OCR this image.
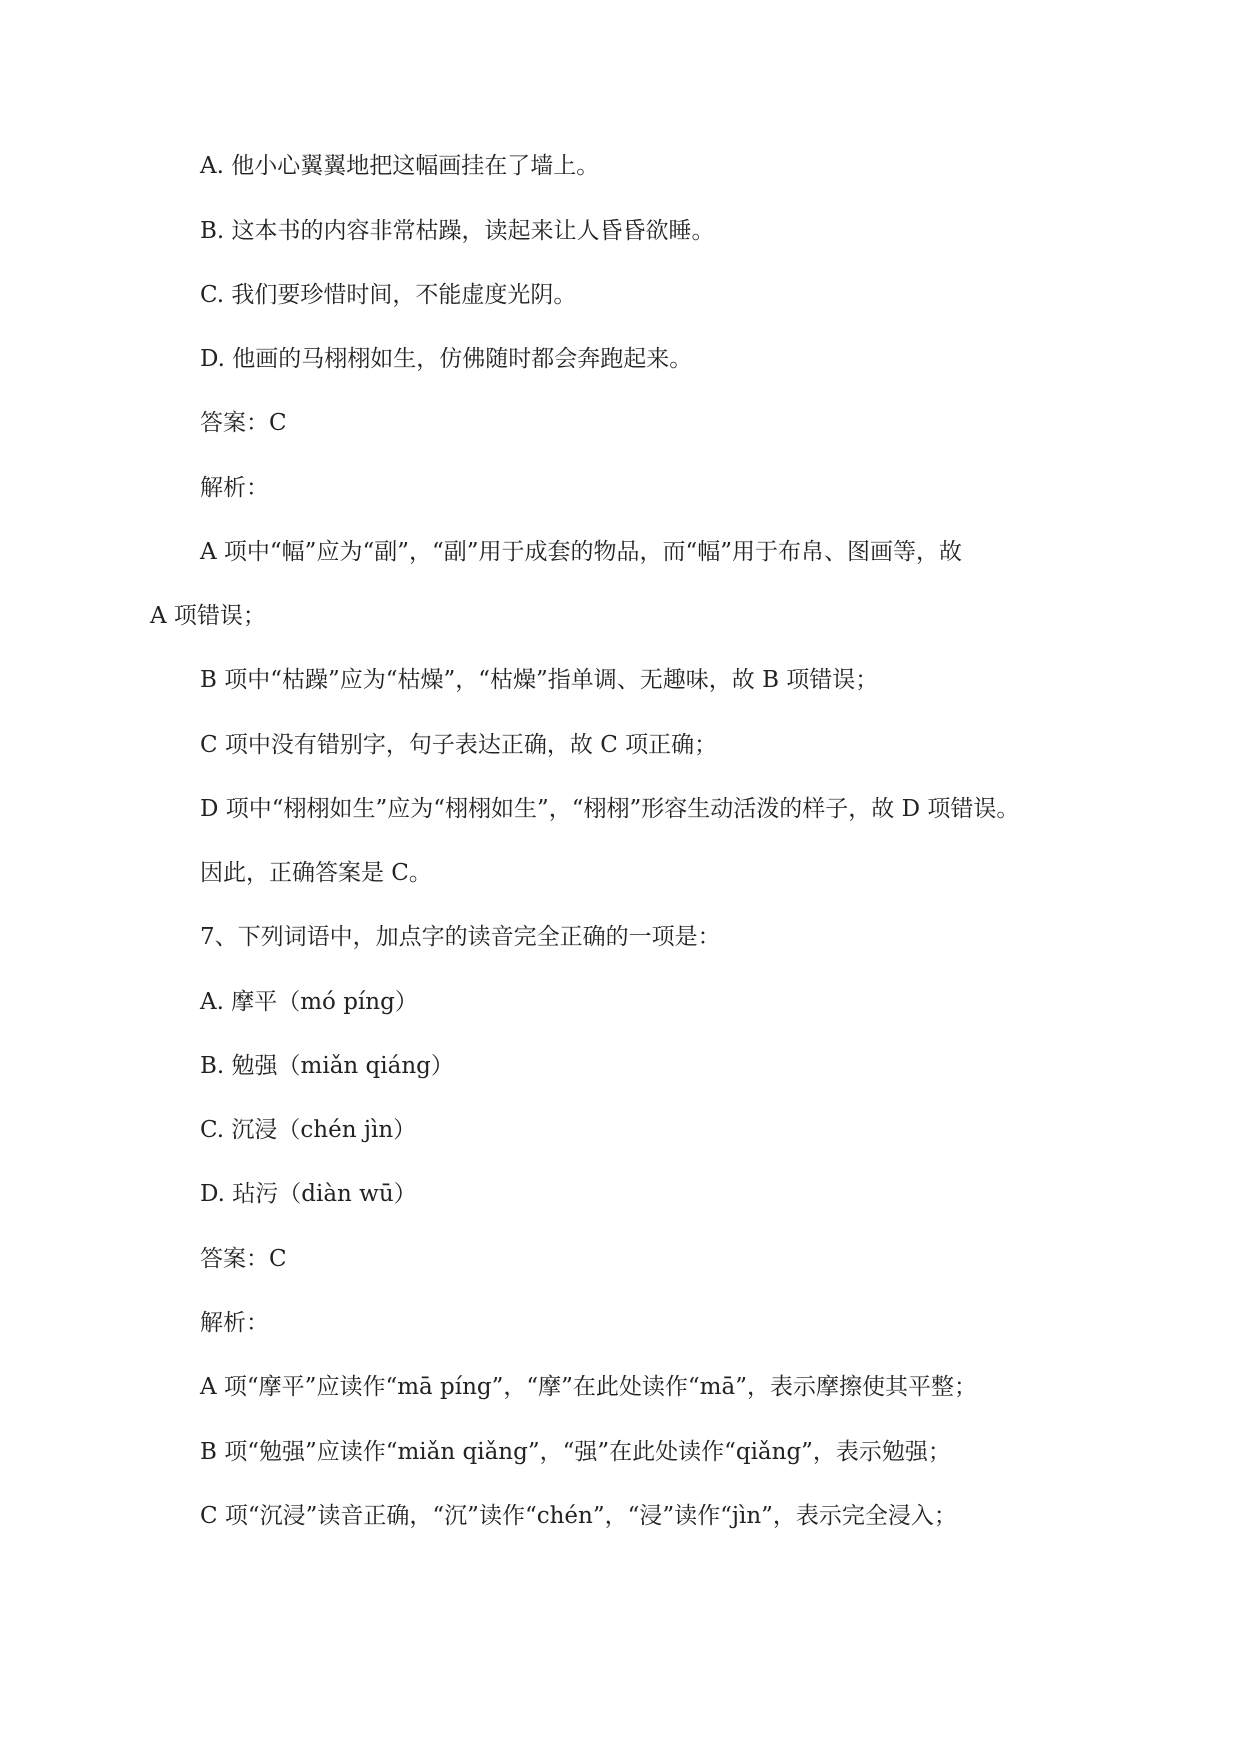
A. 他小心翼翼地把这幅画挂在了墙上。

B. 这本书的内容非常枯躁，读起来让人昏昏欲睡。

C. 我们要珍惜时间，不能虚度光阴。

D. 他画的马栩栩如生，仿佛随时都会奔跑起来。

答案：C

解析：

A 项中“幅”应为“副”，“副”用于成套的物品，而“幅”用于布帛、图画等，故

A 项错误；

B 项中“枯躁”应为“枯燥”，“枯燥”指单调、无趣味，故 B 项错误；

C 项中没有错别字，句子表达正确，故 C 项正确；

D 项中“栩栩如生”应为“栩栩如生”，“栩栩”形容生动活泼的样子，故 D 项错误。

因此，正确答案是 C。

7、下列词语中，加点字的读音完全正确的一项是：

A. 摩平（mó píng）

B. 勉强（miǎn qiáng）

C. 沉浸（chén jìn）

D. 玷污（diàn wū）

答案：C

解析：

A 项“摩平”应读作“mā píng”，“摩”在此处读作“mā”，表示摩擦使其平整；

B 项“勉强”应读作“miǎn qiǎng”，“强”在此处读作“qiǎng”，表示勉强；

C 项“沉浸”读音正确，“沉”读作“chén”，“浸”读作“jìn”，表示完全浸入；
